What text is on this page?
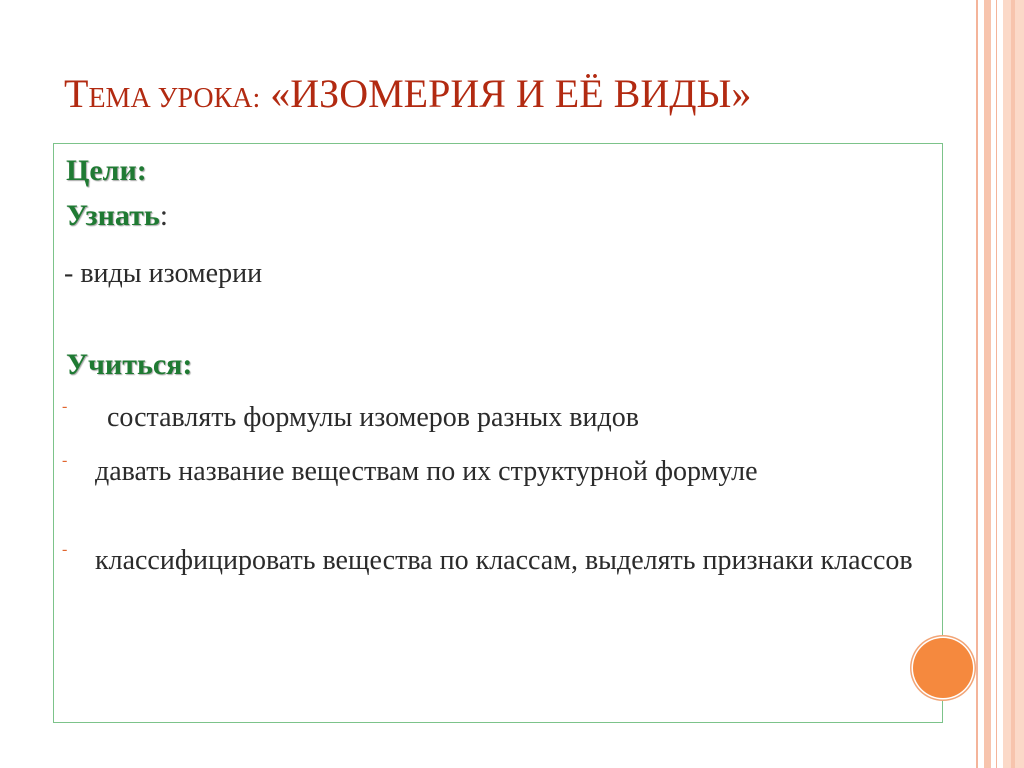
ТЕМА УРОКА: «ИЗОМЕРИЯ И ЕЁ ВИДЫ»
Цели:
Узнать:
- виды изомерии
Учиться:
- составлять формулы изомеров разных видов
- давать название веществам по их структурной формуле
- классифицировать вещества по классам, выделять признаки классов
